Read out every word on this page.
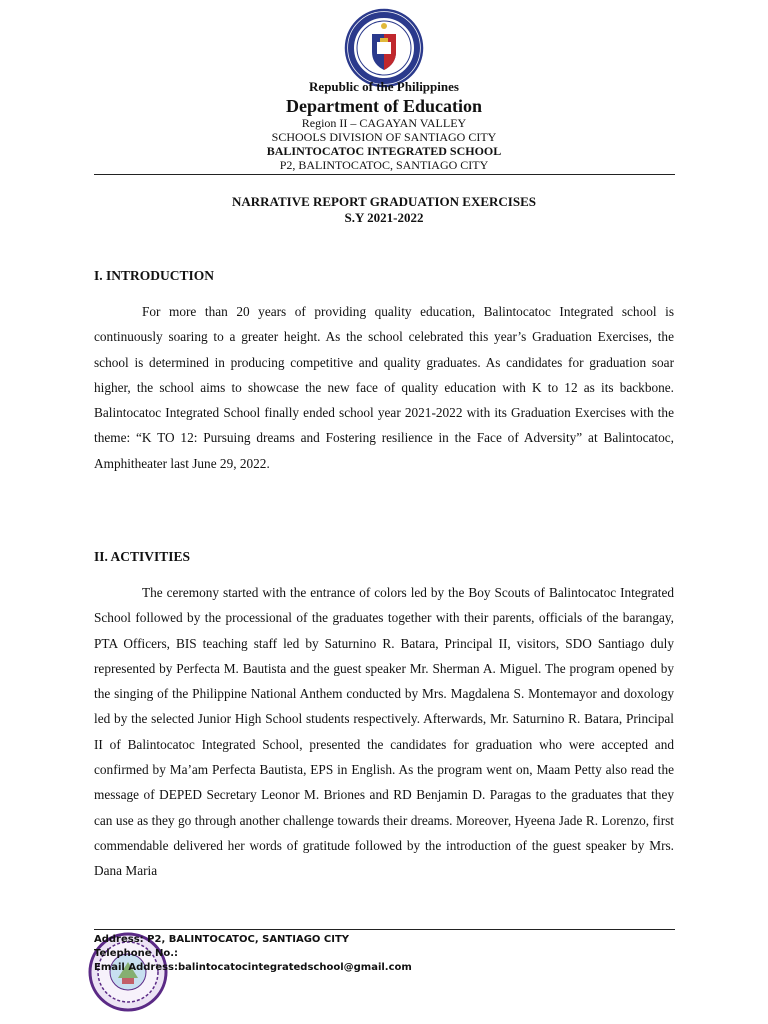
Republic of the Philippines
Department of Education
Region II – CAGAYAN VALLEY
SCHOOLS DIVISION OF SANTIAGO CITY
BALINTOCATOC INTEGRATED SCHOOL
P2, BALINTOCATOC, SANTIAGO CITY
NARRATIVE REPORT GRADUATION EXERCISES
S.Y 2021-2022
I. INTRODUCTION

For more than 20 years of providing quality education, Balintocatoc Integrated school is continuously soaring to a greater height. As the school celebrated this year’s Graduation Exercises, the school is determined in producing competitive and quality graduates. As candidates for graduation soar higher, the school aims to showcase the new face of quality education with K to 12 as its backbone. Balintocatoc Integrated School finally ended school year 2021-2022 with its Graduation Exercises with the theme: “K TO 12: Pursuing dreams and Fostering resilience in the Face of Adversity” at Balintocatoc, Amphitheater last June 29, 2022.

II. ACTIVITIES

The ceremony started with the entrance of colors led by the Boy Scouts of Balintocatoc Integrated School followed by the processional of the graduates together with their parents, officials of the barangay, PTA Officers, BIS teaching staff led by Saturnino R. Batara, Principal II, visitors, SDO Santiago duly represented by Perfecta M. Bautista and the guest speaker Mr. Sherman A. Miguel. The program opened by the singing of the Philippine National Anthem conducted by Mrs. Magdalena S. Montemayor and doxology led by the selected Junior High School students respectively. Afterwards, Mr. Saturnino R. Batara, Principal II of Balintocatoc Integrated School, presented the candidates for graduation who were accepted and confirmed by Ma’am Perfecta Bautista, EPS in English. As the program went on, Maam Petty also read the message of DEPED Secretary Leonor M. Briones and RD Benjamin D. Paragas to the graduates that they can use as they go through another challenge towards their dreams. Moreover, Hyeena Jade R. Lorenzo, first commendable delivered her words of gratitude followed by the introduction of the guest speaker by Mrs. Dana Maria

Address: P2, BALINTOCATOC, SANTIAGO CITY
Telephone No.:
Email Address:balintocatocintegratedschool@gmail.com
